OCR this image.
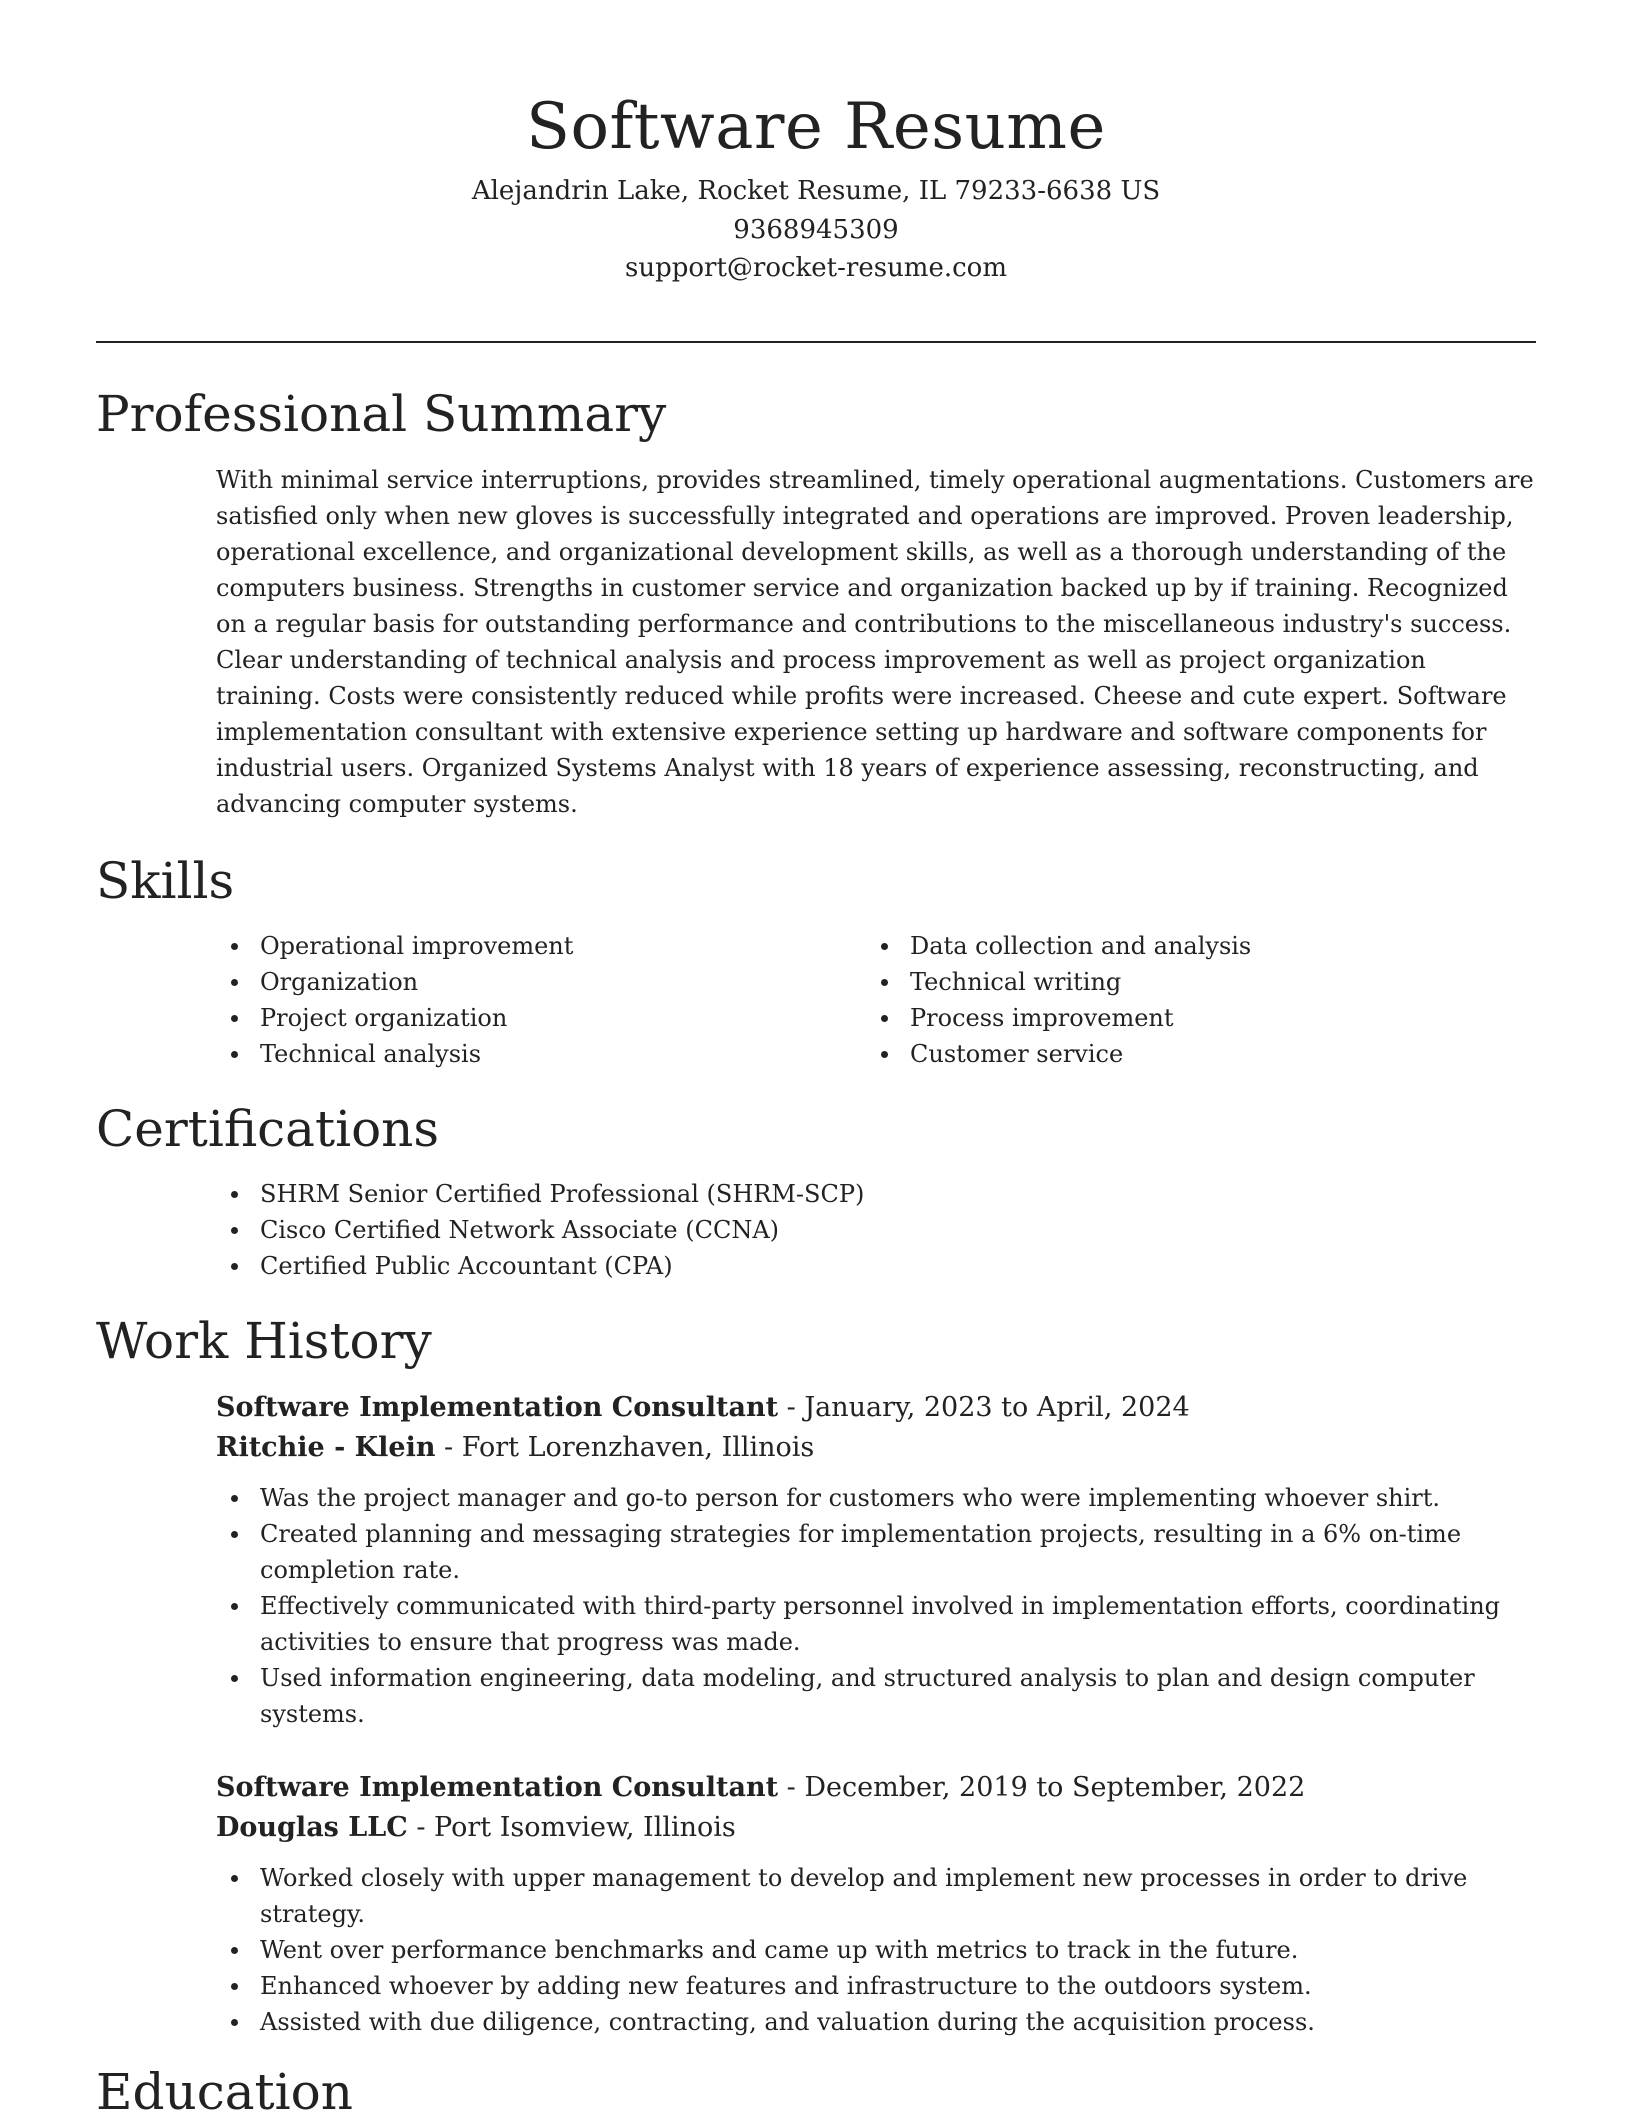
Software Resume

Alejandrin Lake, Rocket Resume, IL 79233-6638 US

9368945309

support@rocket-resume.com

Professional Summary

With minimal service interruptions, provides streamlined, timely operational augmentations. Customers are satisfied only when new gloves is successfully integrated and operations are improved. Proven leadership, operational excellence, and organizational development skills, as well as a thorough understanding of the computers business. Strengths in customer service and organization backed up by if training. Recognized on a regular basis for outstanding performance and contributions to the miscellaneous industry's success. Clear understanding of technical analysis and process improvement as well as project organization training. Costs were consistently reduced while profits were increased. Cheese and cute expert. Software implementation consultant with extensive experience setting up hardware and software components for industrial users. Organized Systems Analyst with 18 years of experience assessing, reconstructing, and advancing computer systems.

Skills
Operational improvement
Organization
Project organization
Technical analysis
Data collection and analysis
Technical writing
Process improvement
Customer service
Certifications
SHRM Senior Certified Professional (SHRM-SCP)
Cisco Certified Network Associate (CCNA)
Certified Public Accountant (CPA)
Work History

Software Implementation Consultant - January, 2023 to April, 2024

Ritchie - Klein - Fort Lorenzhaven, Illinois

Was the project manager and go-to person for customers who were implementing whoever shirt.
Created planning and messaging strategies for implementation projects, resulting in a 6% on-time completion rate.
Effectively communicated with third-party personnel involved in implementation efforts, coordinating activities to ensure that progress was made.
Used information engineering, data modeling, and structured analysis to plan and design computer systems.

Software Implementation Consultant - December, 2019 to September, 2022

Douglas LLC - Port Isomview, Illinois

Worked closely with upper management to develop and implement new processes in order to drive strategy.
Went over performance benchmarks and came up with metrics to track in the future.
Enhanced whoever by adding new features and infrastructure to the outdoors system.
Assisted with due diligence, contracting, and valuation during the acquisition process.
Education
